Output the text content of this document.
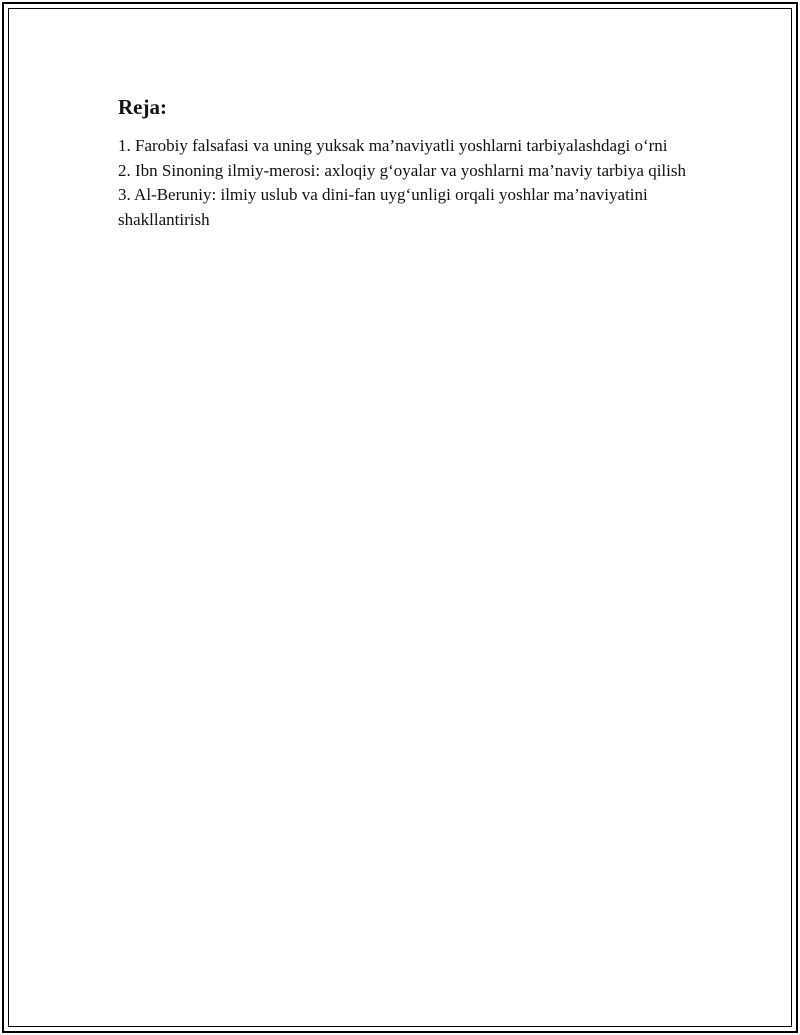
Reja:
1. Farobiy falsafasi va uning yuksak ma’naviyatli yoshlarni tarbiyalashdagi o‘rni
2. Ibn Sinoning ilmiy-merosi: axloqiy g‘oyalar va yoshlarni ma’naviy tarbiya qilish
3. Al-Beruniy: ilmiy uslub va dini-fan uyg‘unligi orqali yoshlar ma’naviyatini shakllantirish
